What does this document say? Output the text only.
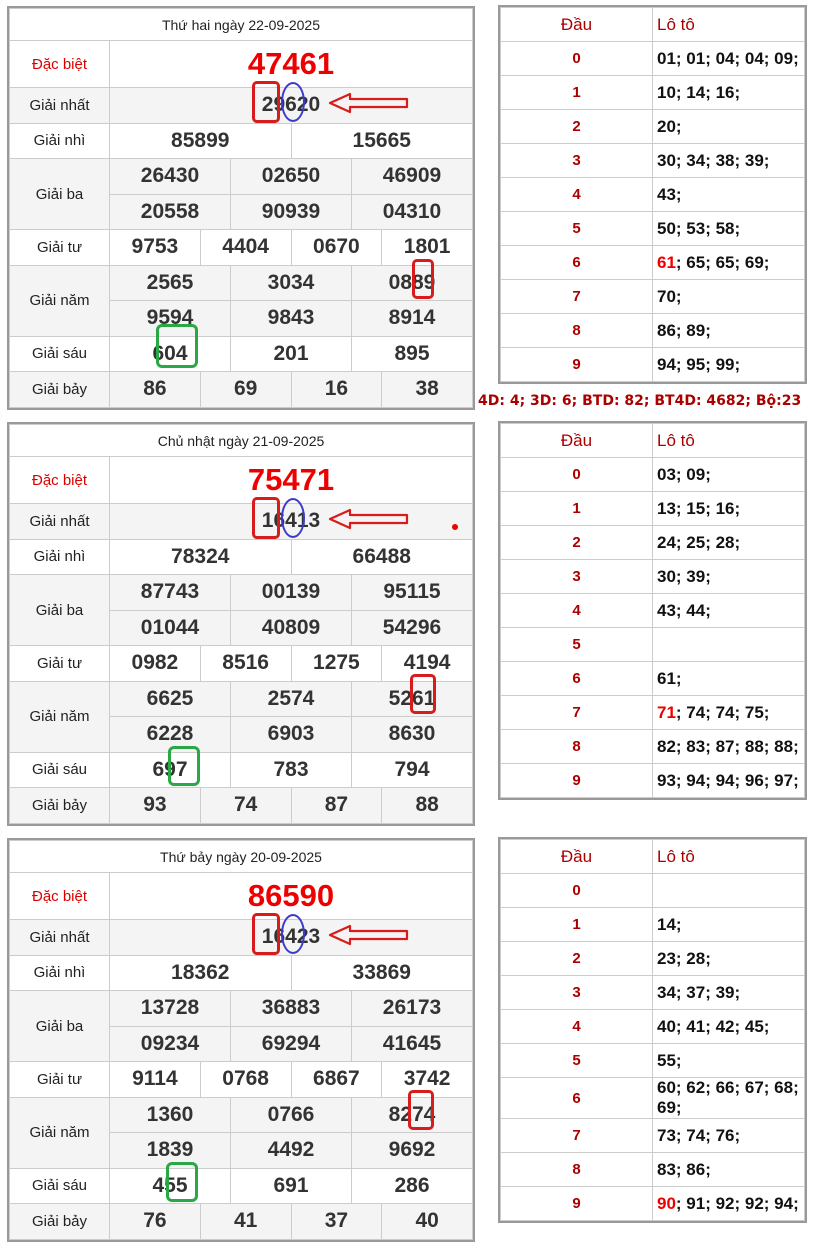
Thứ hai ngày 22-09-2025						
Đặc biệt	47461					
Giải nhất	29620					
Giải nhì	85899			15665		
Giải ba	26430		02650		46909	
	20558		90939		04310	
Giải tư	9753	4404		0670		1801
Giải năm	2565		3034		0889	
	9594		9843		8914	
Giải sáu	604		201		895	
Giải bảy	86	69		16		38
Đầu	Lô tô
0	01; 01; 04; 04; 09;
1	10; 14; 16;
2	20;
3	30; 34; 38; 39;
4	43;
5	50; 53; 58;
6	61; 65; 65; 69;
7	70;
8	86; 89;
9	94; 95; 99;
Chủ nhật ngày 21-09-2025						
Đặc biệt	75471					
Giải nhất	16413					
Giải nhì	78324			66488		
Giải ba	87743		00139		95115	
	01044		40809		54296	
Giải tư	0982	8516		1275		4194
Giải năm	6625		2574		5261	
	6228		6903		8630	
Giải sáu	697		783		794	
Giải bảy	93	74		87		88
Đầu	Lô tô
0	03; 09;
1	13; 15; 16;
2	24; 25; 28;
3	30; 39;
4	43; 44;
5	
6	61;
7	71; 74; 74; 75;
8	82; 83; 87; 88; 88;
9	93; 94; 94; 96; 97;
Thứ bảy ngày 20-09-2025						
Đặc biệt	86590					
Giải nhất	16423					
Giải nhì	18362			33869		
Giải ba	13728		36883		26173	
	09234		69294		41645	
Giải tư	9114	0768		6867		3742
Giải năm	1360		0766		8274	
	1839		4492		9692	
Giải sáu	455		691		286	
Giải bảy	76	41		37		40
Đầu	Lô tô
0	
1	14;
2	23; 28;
3	34; 37; 39;
4	40; 41; 42; 45;
5	55;
6	60; 62; 66; 67; 68; 69;
7	73; 74; 76;
8	83; 86;
9	90; 91; 92; 92; 94;
4D: 4; 3D: 6; BTD: 82; BT4D: 4682; Bộ:23
